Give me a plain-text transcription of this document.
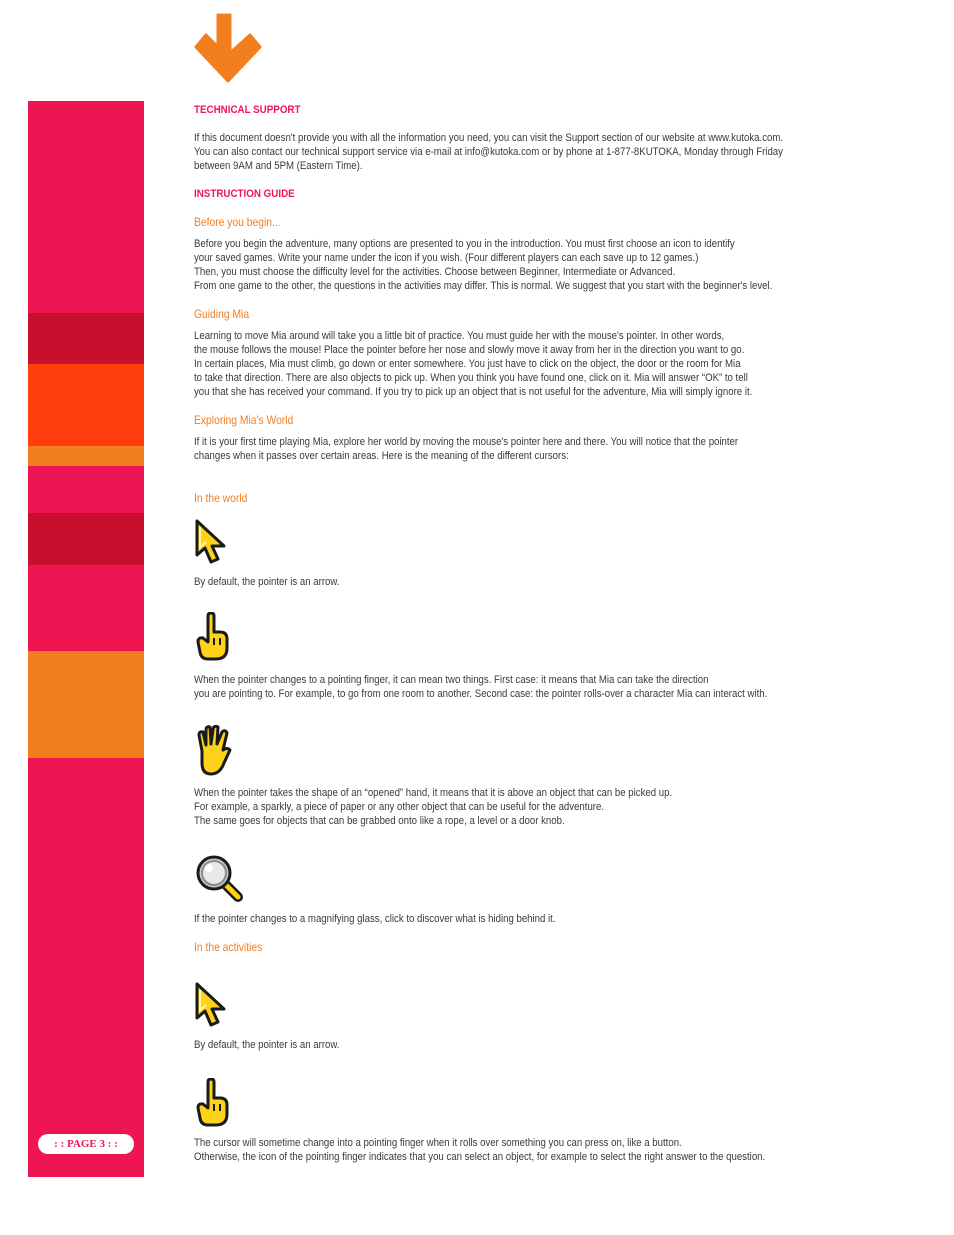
: : PAGE 3 : :
TECHNICAL SUPPORT
If this document doesn't provide you with all the information you need, you can visit the Support section of our website at www.kutoka.com.
You can also contact our technical support service via e-mail at info@kutoka.com or by phone at 1-877-8KUTOKA, Monday through Friday
between 9AM and 5PM (Eastern Time).
INSTRUCTION GUIDE
Before you begin...
Before you begin the adventure, many options are presented to you in the introduction. You must first choose an icon to identify
your saved games. Write your name under the icon if you wish. (Four different players can each save up to 12 games.)
Then, you must choose the difficulty level for the activities. Choose between Beginner, Intermediate or Advanced.
From one game to the other, the questions in the activities may differ. This is normal. We suggest that you start with the beginner's level.
Guiding Mia
Learning to move Mia around will take you a little bit of practice. You must guide her with the mouse's pointer. In other words,
the mouse follows the mouse! Place the pointer before her nose and slowly move it away from her in the direction you want to go.
In certain places, Mia must climb, go down or enter somewhere. You just have to click on the object, the door or the room for Mia
to take that direction. There are also objects to pick up. When you think you have found one, click on it. Mia will answer “OK” to tell
you that she has received your command. If you try to pick up an object that is not useful for the adventure, Mia will simply ignore it.
Exploring Mia's World
If it is your first time playing Mia, explore her world by moving the mouse's pointer here and there. You will notice that the pointer
changes when it passes over certain areas. Here is the meaning of the different cursors:
In the world
By default, the pointer is an arrow.
When the pointer changes to a pointing finger, it can mean two things. First case: it means that Mia can take the direction
you are pointing to. For example, to go from one room to another. Second case: the pointer rolls-over a character Mia can interact with.
When the pointer takes the shape of an “opened” hand, it means that it is above an object that can be picked up.
For example, a sparkly, a piece of paper or any other object that can be useful for the adventure.
The same goes for objects that can be grabbed onto like a rope, a level or a door knob.
If the pointer changes to a magnifying glass, click to discover what is hiding behind it.
In the activities
By default, the pointer is an arrow.
The cursor will sometime change into a pointing finger when it rolls over something you can press on, like a button.
Otherwise, the icon of the pointing finger indicates that you can select an object, for example to select the right answer to the question.
